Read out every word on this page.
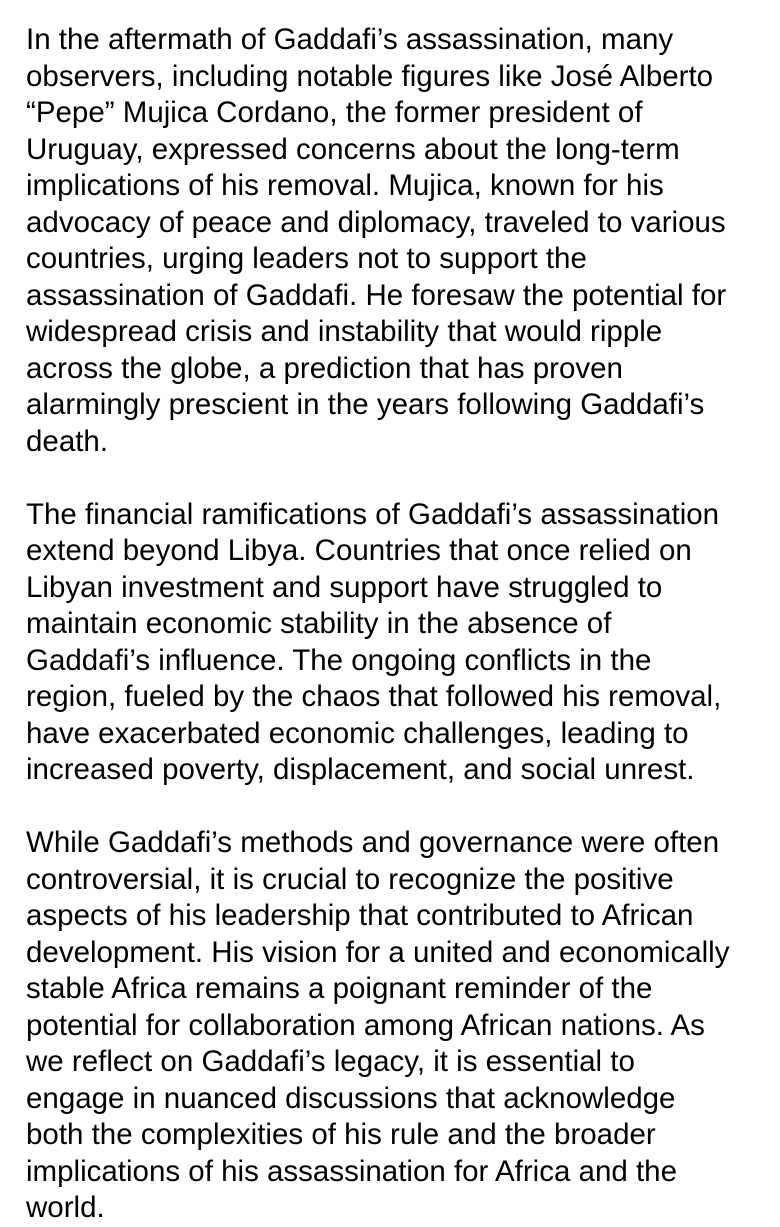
In the aftermath of Gaddafi’s assassination, many
observers, including notable figures like José Alberto
“Pepe” Mujica Cordano, the former president of
Uruguay, expressed concerns about the long-term
implications of his removal. Mujica, known for his
advocacy of peace and diplomacy, traveled to various
countries, urging leaders not to support the
assassination of Gaddafi. He foresaw the potential for
widespread crisis and instability that would ripple
across the globe, a prediction that has proven
alarmingly prescient in the years following Gaddafi’s
death.
The financial ramifications of Gaddafi’s assassination
extend beyond Libya. Countries that once relied on
Libyan investment and support have struggled to
maintain economic stability in the absence of
Gaddafi’s influence. The ongoing conflicts in the
region, fueled by the chaos that followed his removal,
have exacerbated economic challenges, leading to
increased poverty, displacement, and social unrest.
While Gaddafi’s methods and governance were often
controversial, it is crucial to recognize the positive
aspects of his leadership that contributed to African
development. His vision for a united and economically
stable Africa remains a poignant reminder of the
potential for collaboration among African nations. As
we reflect on Gaddafi’s legacy, it is essential to
engage in nuanced discussions that acknowledge
both the complexities of his rule and the broader
implications of his assassination for Africa and the
world.
